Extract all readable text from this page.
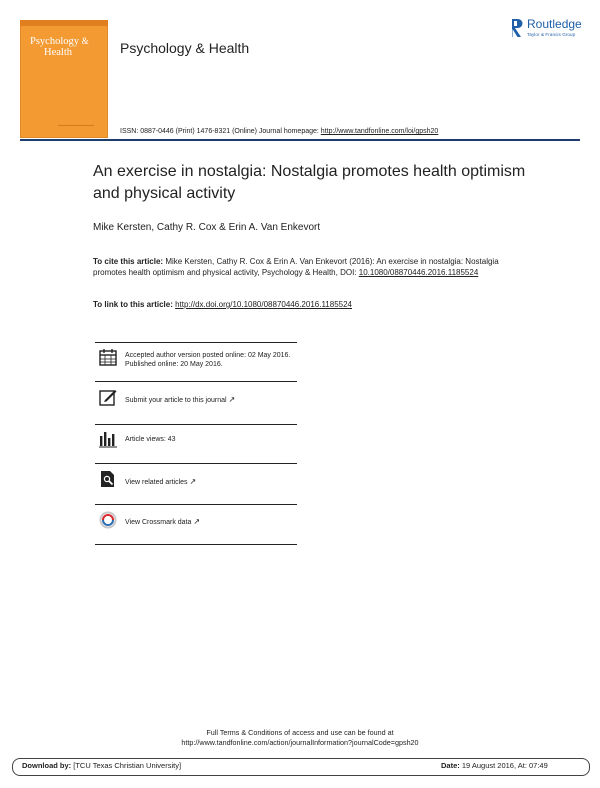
Psychology &
Health	Psychology & Health
Routledge
Taylor & Francis Group
ISSN: 0887-0446 (Print) 1476-8321 (Online) Journal homepage: http://www.tandfonline.com/loi/gpsh20
An exercise in nostalgia: Nostalgia promotes health optimism and physical activity
Mike Kersten, Cathy R. Cox & Erin A. Van Enkevort
To cite this article: Mike Kersten, Cathy R. Cox & Erin A. Van Enkevort (2016): An exercise in nostalgia: Nostalgia promotes health optimism and physical activity, Psychology & Health, DOI: 10.1080/08870446.2016.1185524
To link to this article: http://dx.doi.org/10.1080/08870446.2016.1185524
Accepted author version posted online: 02 May 2016.
Published online: 20 May 2016.
Submit your article to this journal ↗
Article views: 43
View related articles ↗
View Crossmark data ↗
Full Terms & Conditions of access and use can be found at
http://www.tandfonline.com/action/journalInformation?journalCode=gpsh20
Download by: [TCU Texas Christian University]	Date: 19 August 2016, At: 07:49
